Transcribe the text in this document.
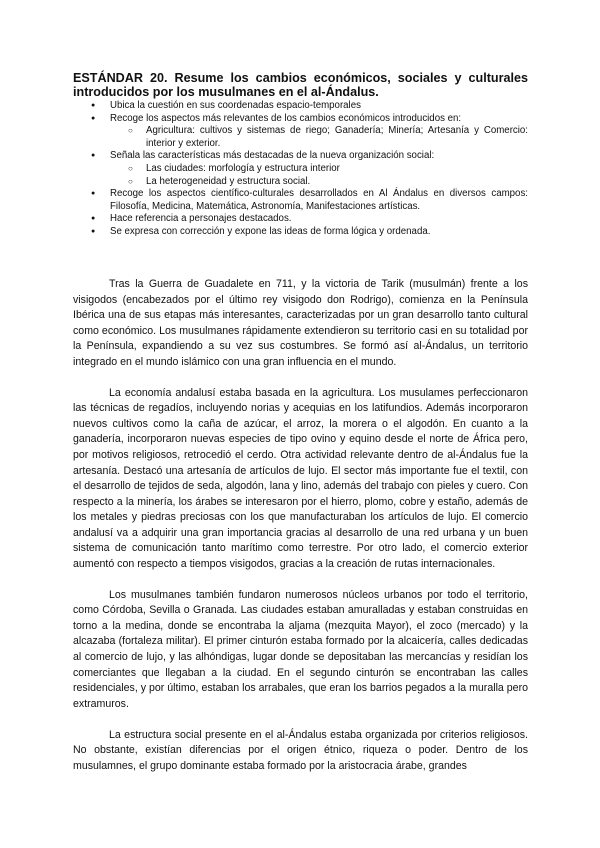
ESTÁNDAR 20. Resume los cambios económicos, sociales y culturales introducidos por los musulmanes en el al-Ándalus.

● Ubica la cuestión en sus coordenadas espacio-temporales
● Recoge los aspectos más relevantes de los cambios económicos introducidos en:
○ Agricultura: cultivos y sistemas de riego; Ganadería; Minería; Artesanía y Comercio: interior y exterior.
● Señala las características más destacadas de la nueva organización social:
○ Las ciudades: morfología y estructura interior
○ La heterogeneidad y estructura social.
● Recoge los aspectos científico-culturales desarrollados en Al Ándalus en diversos campos: Filosofía, Medicina, Matemática, Astronomía, Manifestaciones artísticas.
● Hace referencia a personajes destacados.
● Se expresa con corrección y expone las ideas de forma lógica y ordenada.

Tras la Guerra de Guadalete en 711, y la victoria de Tarik (musulmán) frente a los visigodos (encabezados por el último rey visigodo don Rodrigo), comienza en la Península Ibérica una de sus etapas más interesantes, caracterizadas por un gran desarrollo tanto cultural como económico. Los musulmanes rápidamente extendieron su territorio casi en su totalidad por la Península, expandiendo a su vez sus costumbres. Se formó así al-Ándalus, un territorio integrado en el mundo islámico con una gran influencia en el mundo.

La economía andalusí estaba basada en la agricultura. Los musulames perfeccionaron las técnicas de regadíos, incluyendo norias y acequias en los latifundios. Además incorporaron nuevos cultivos como la caña de azúcar, el arroz, la morera o el algodón. En cuanto a la ganadería, incorporaron nuevas especies de tipo ovino y equino desde el norte de África pero, por motivos religiosos, retrocedió el cerdo. Otra actividad relevante dentro de al-Ándalus fue la artesanía. Destacó una artesanía de artículos de lujo. El sector más importante fue el textil, con el desarrollo de tejidos de seda, algodón, lana y lino, además del trabajo con pieles y cuero. Con respecto a la minería, los árabes se interesaron por el hierro, plomo, cobre y estaño, además de los metales y piedras preciosas con los que manufacturaban los artículos de lujo. El comercio andalusí va a adquirir una gran importancia gracias al desarrollo de una red urbana y un buen sistema de comunicación tanto marítimo como terrestre. Por otro lado, el comercio exterior aumentó con respecto a tiempos visigodos, gracias a la creación de rutas internacionales.

Los musulmanes también fundaron numerosos núcleos urbanos por todo el territorio, como Córdoba, Sevilla o Granada. Las ciudades estaban amuralladas y estaban construidas en torno a la medina, donde se encontraba la aljama (mezquita Mayor), el zoco (mercado) y la alcazaba (fortaleza militar). El primer cinturón estaba formado por la alcaicería, calles dedicadas al comercio de lujo, y las alhóndigas, lugar donde se depositaban las mercancías y residían los comerciantes que llegaban a la ciudad. En el segundo cinturón se encontraban las calles residenciales, y por último, estaban los arrabales, que eran los barrios pegados a la muralla pero extramuros.

La estructura social presente en el al-Ándalus estaba organizada por criterios religiosos. No obstante, existían diferencias por el origen étnico, riqueza o poder. Dentro de los musulamnes, el grupo dominante estaba formado por la aristocracia árabe, grandes
